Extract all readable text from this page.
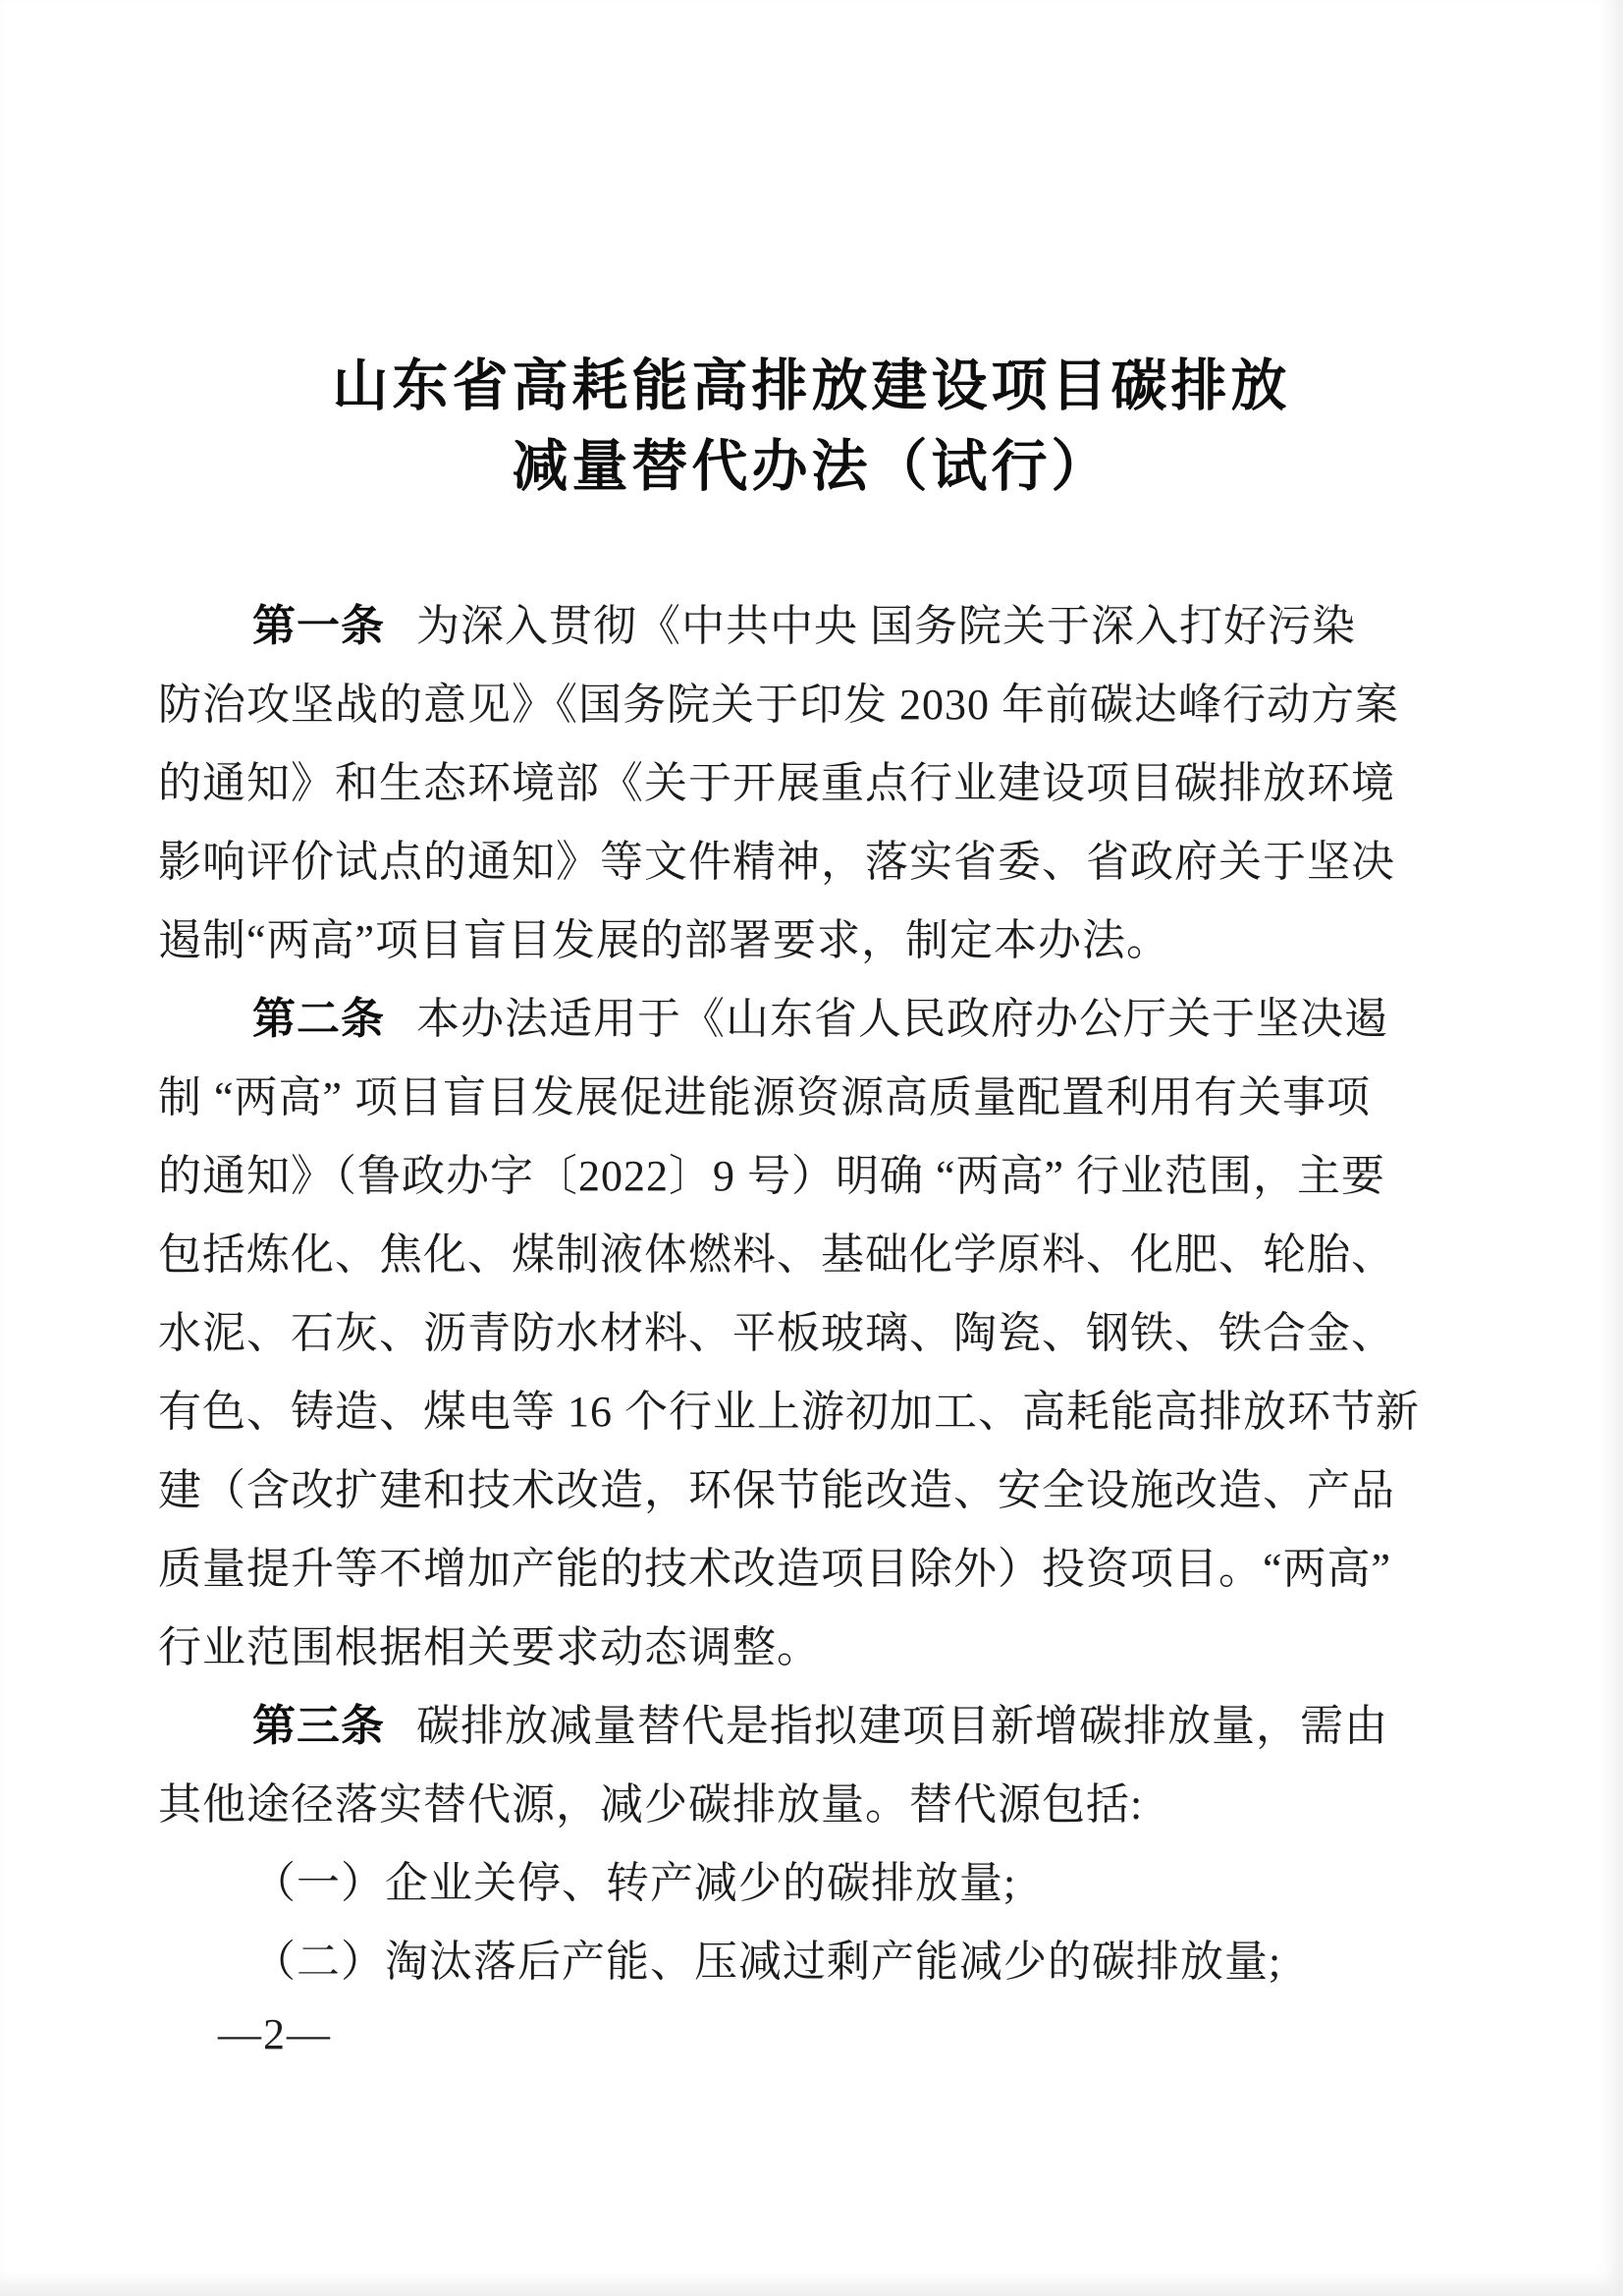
山东省高耗能高排放建设项目碳排放
减量替代办法（试行）
第一条 为深入贯彻《中共中央 国务院关于深入打好污染
防治攻坚战的意见》《国务院关于印发 2030 年前碳达峰行动方案
的通知》和生态环境部《关于开展重点行业建设项目碳排放环境
影响评价试点的通知》等文件精神，落实省委、省政府关于坚决
遏制“两高”项目盲目发展的部署要求，制定本办法。
第二条 本办法适用于《山东省人民政府办公厅关于坚决遏
制 “两高” 项目盲目发展促进能源资源高质量配置利用有关事项
的通知》（鲁政办字〔2022〕9 号）明确 “两高” 行业范围，主要
包括炼化、焦化、煤制液体燃料、基础化学原料、化肥、轮胎、
水泥、石灰、沥青防水材料、平板玻璃、陶瓷、钢铁、铁合金、
有色、铸造、煤电等 16 个行业上游初加工、高耗能高排放环节新
建（含改扩建和技术改造，环保节能改造、安全设施改造、产品
质量提升等不增加产能的技术改造项目除外）投资项目。“两高”
行业范围根据相关要求动态调整。
第三条 碳排放减量替代是指拟建项目新增碳排放量，需由
其他途径落实替代源，减少碳排放量。替代源包括:
（一）企业关停、转产减少的碳排放量;
（二）淘汰落后产能、压减过剩产能减少的碳排放量;
—2—
